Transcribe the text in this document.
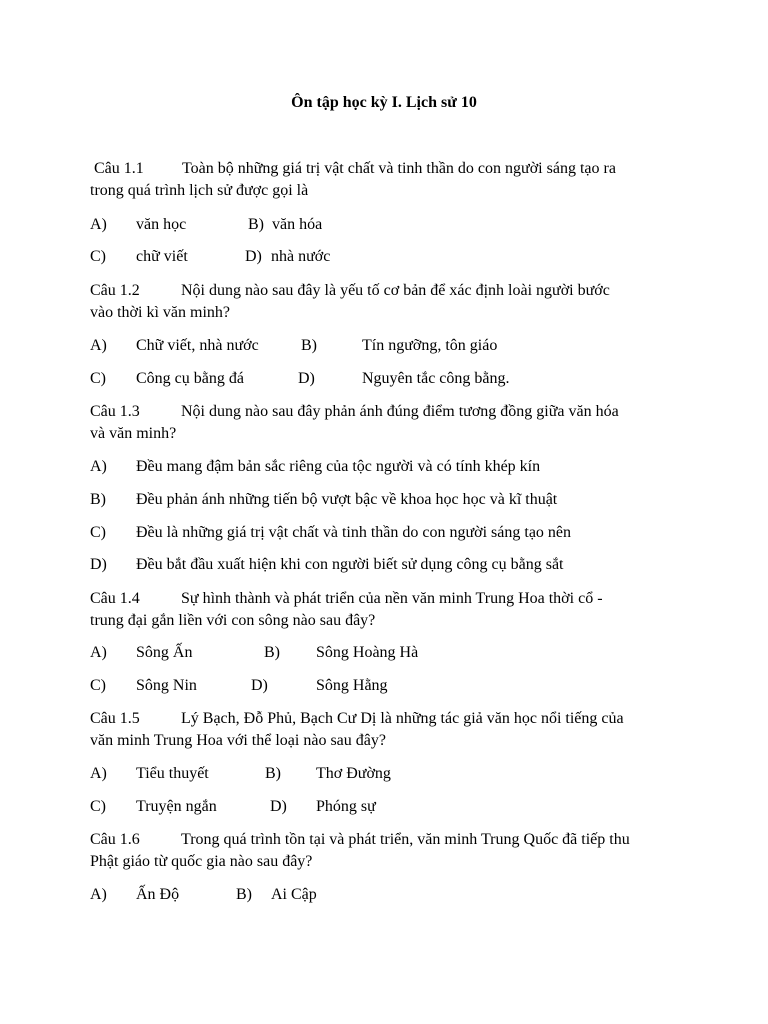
Ôn tập học kỳ I. Lịch sử 10
Câu 1.1 Toàn bộ những giá trị vật chất và tinh thần do con người sáng tạo ra
trong quá trình lịch sử được gọi là
A) văn học	B) văn hóa
C) chữ viết	D) nhà nước
Câu 1.2	Nội dung nào sau đây là yếu tố cơ bản để xác định loài người bước
vào thời kì văn minh?
A) Chữ viết, nhà nước	B)	Tín ngưỡng, tôn giáo
C) Công cụ bằng đá	D)	Nguyên tắc công bằng.
Câu 1.3	Nội dung nào sau đây phản ánh đúng điểm tương đồng giữa văn hóa
và văn minh?
A) Đều mang đậm bản sắc riêng của tộc người và có tính khép kín
B) Đều phản ánh những tiến bộ vượt bậc về khoa học học và kĩ thuật
C) Đều là những giá trị vật chất và tinh thần do con người sáng tạo nên
D) Đều bắt đầu xuất hiện khi con người biết sử dụng công cụ bằng sắt
Câu 1.4	Sự hình thành và phát triển của nền văn minh Trung Hoa thời cổ -
trung đại gắn liền với con sông nào sau đây?
A) Sông Ấn	B) Sông Hoàng Hà
C) Sông Nin	D)	Sông Hằng
Câu 1.5	Lý Bạch, Đỗ Phủ, Bạch Cư Dị là những tác giả văn học nổi tiếng của
văn minh Trung Hoa với thể loại nào sau đây?
A) Tiểu thuyết	B) Thơ Đường
C) Truyện ngắn	D) Phóng sự
Câu 1.6	Trong quá trình tồn tại và phát triển, văn minh Trung Quốc đã tiếp thu
Phật giáo từ quốc gia nào sau đây?
A) Ấn Độ	B) Ai Cập
